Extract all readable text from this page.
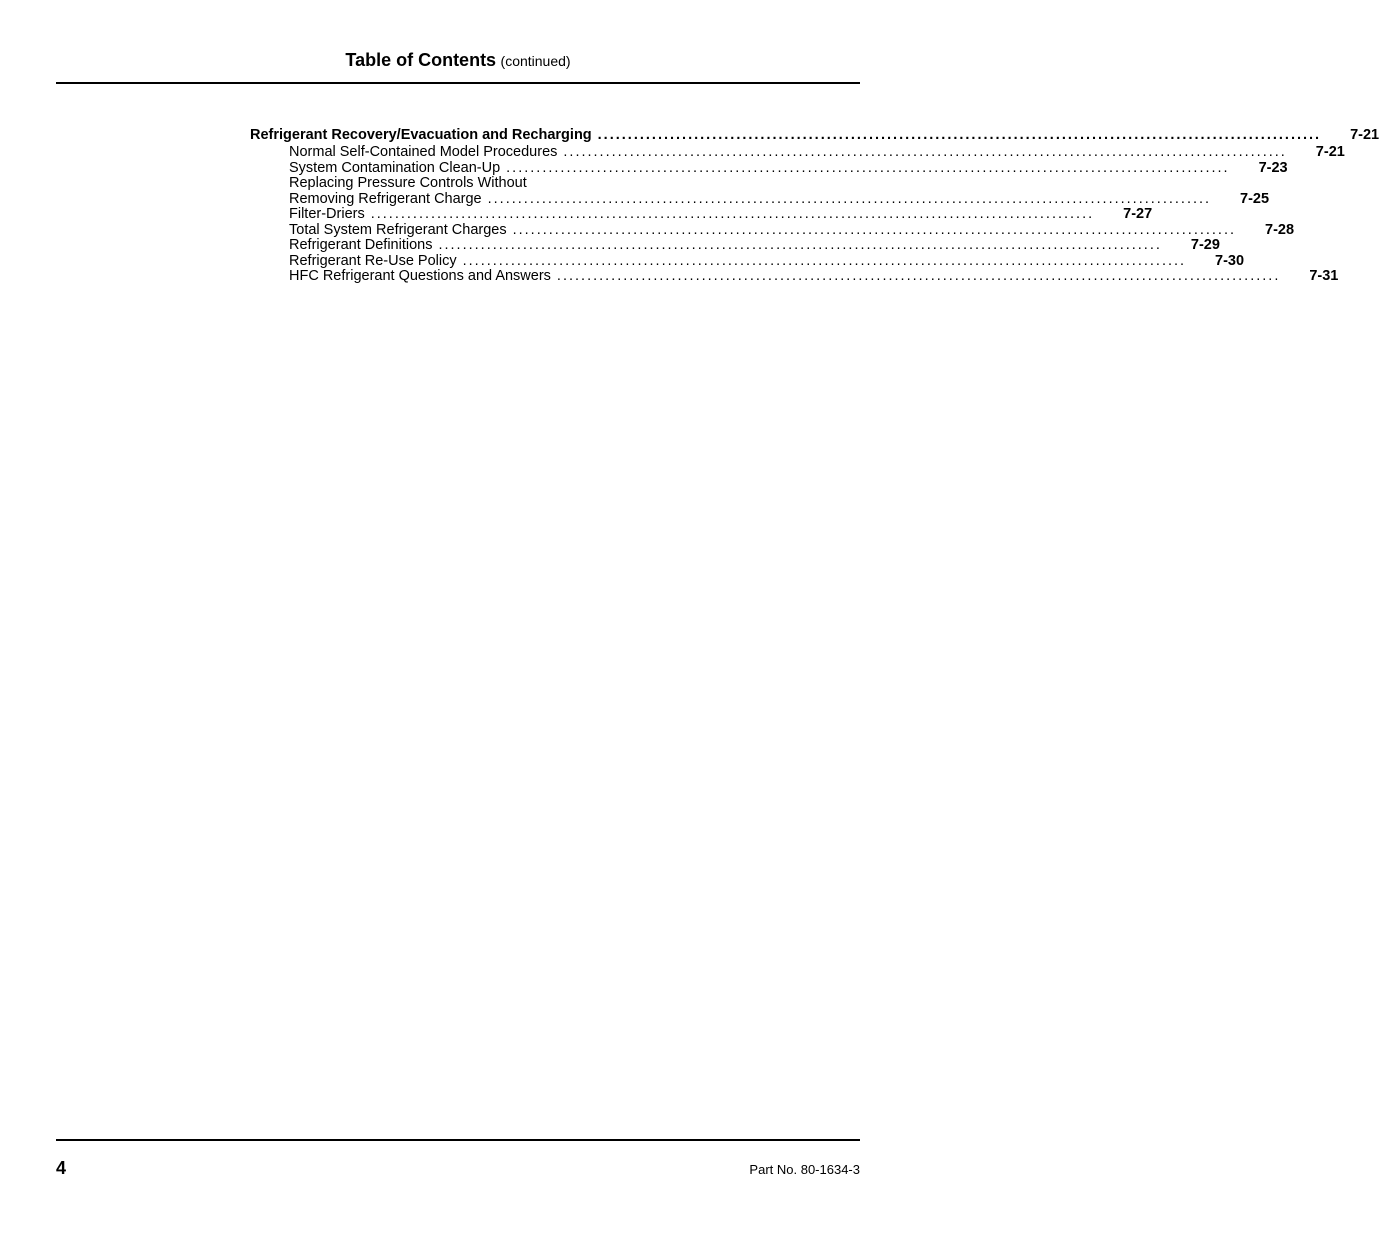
Table of Contents (continued)
Refrigerant Recovery/Evacuation and Recharging ........................................................................................................................ 7-21
Normal Self-Contained Model Procedures ........................................................................................................................ 7-21
System Contamination Clean-Up ........................................................................................................................ 7-23
Replacing Pressure Controls Without
Removing Refrigerant Charge ........................................................................................................................ 7-25
Filter-Driers ........................................................................................................................ 7-27
Total System Refrigerant Charges ........................................................................................................................ 7-28
Refrigerant Definitions ........................................................................................................................ 7-29
Refrigerant Re-Use Policy ........................................................................................................................ 7-30
HFC Refrigerant Questions and Answers ........................................................................................................................ 7-31
4	Part No. 80-1634-3
